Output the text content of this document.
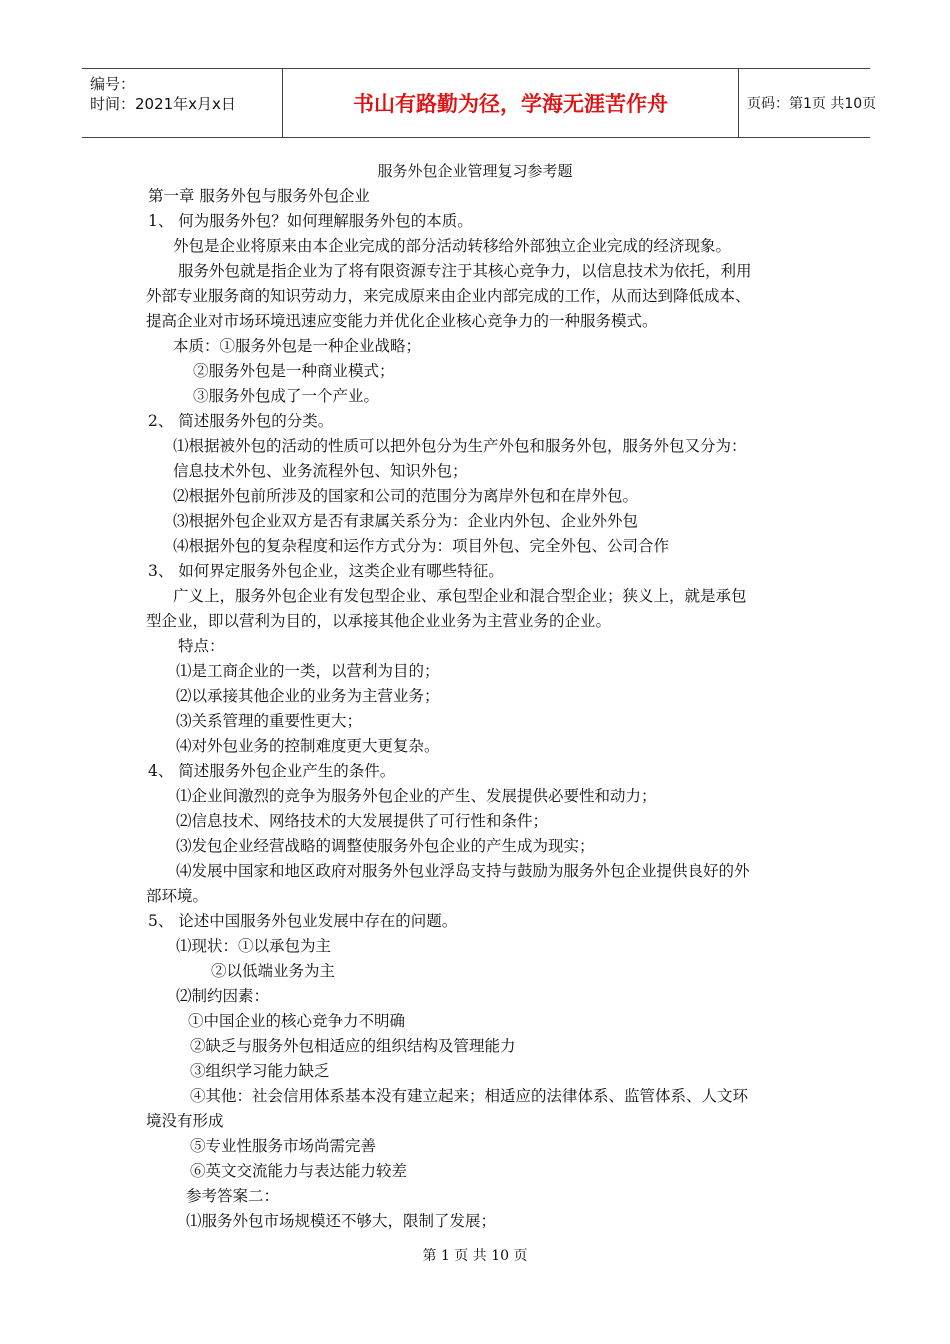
编号：
时间：2021年x月x日	书山有路勤为径，学海无涯苦作舟	页码：第1页 共10页
服务外包企业管理复习参考题
第一章 服务外包与服务外包企业
1、 何为服务外包？如何理解服务外包的本质。
外包是企业将原来由本企业完成的部分活动转移给外部独立企业完成的经济现象。
服务外包就是指企业为了将有限资源专注于其核心竞争力，以信息技术为依托，利用
外部专业服务商的知识劳动力，来完成原来由企业内部完成的工作，从而达到降低成本、
提高企业对市场环境迅速应变能力并优化企业核心竞争力的一种服务模式。
本质：①服务外包是一种企业战略；
②服务外包是一种商业模式；
③服务外包成了一个产业。
2、 简述服务外包的分类。
⑴根据被外包的活动的性质可以把外包分为生产外包和服务外包，服务外包又分为：
信息技术外包、业务流程外包、知识外包；
⑵根据外包前所涉及的国家和公司的范围分为离岸外包和在岸外包。
⑶根据外包企业双方是否有隶属关系分为：企业内外包、企业外外包
⑷根据外包的复杂程度和运作方式分为：项目外包、完全外包、公司合作
3、 如何界定服务外包企业，这类企业有哪些特征。
广义上，服务外包企业有发包型企业、承包型企业和混合型企业；狭义上，就是承包
型企业，即以营利为目的，以承接其他企业业务为主营业务的企业。
特点：
⑴是工商企业的一类，以营利为目的；
⑵以承接其他企业的业务为主营业务；
⑶关系管理的重要性更大；
⑷对外包业务的控制难度更大更复杂。
4、 简述服务外包企业产生的条件。
⑴企业间激烈的竞争为服务外包企业的产生、发展提供必要性和动力；
⑵信息技术、网络技术的大发展提供了可行性和条件；
⑶发包企业经营战略的调整使服务外包企业的产生成为现实；
⑷发展中国家和地区政府对服务外包业浮岛支持与鼓励为服务外包企业提供良好的外
部环境。
5、 论述中国服务外包业发展中存在的问题。
⑴现状：①以承包为主
②以低端业务为主
⑵制约因素：
①中国企业的核心竞争力不明确
②缺乏与服务外包相适应的组织结构及管理能力
③组织学习能力缺乏
④其他：社会信用体系基本没有建立起来；相适应的法律体系、监管体系、人文环
境没有形成
⑤专业性服务市场尚需完善
⑥英文交流能力与表达能力较差
参考答案二：
⑴服务外包市场规模还不够大，限制了发展；
第 1 页 共 10 页
